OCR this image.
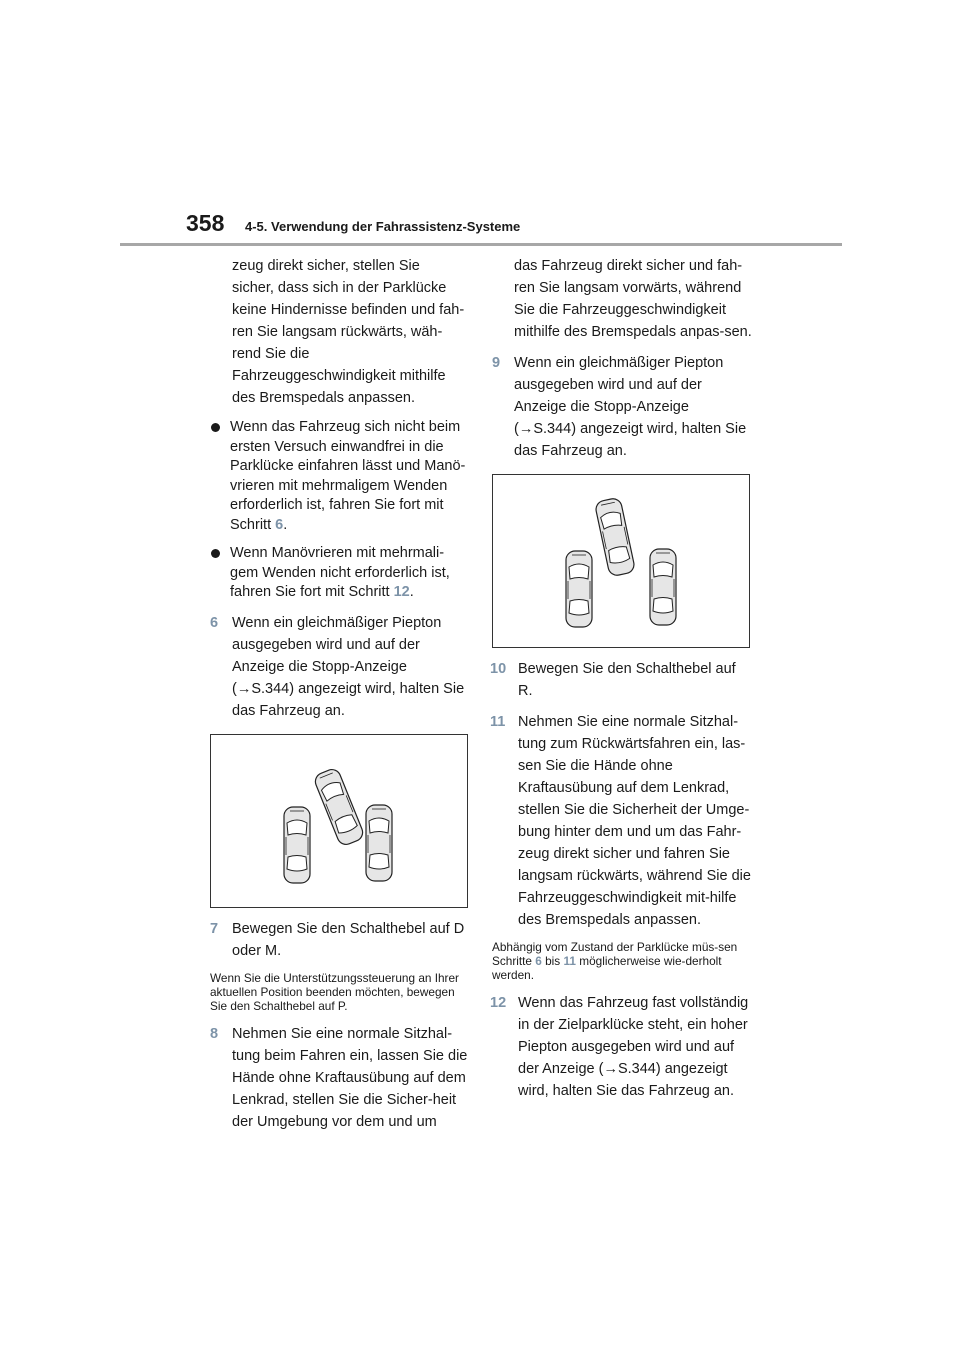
358 4-5. Verwendung der Fahrassistenz-Systeme
zeug direkt sicher, stellen Sie
sicher, dass sich in der Parklücke
keine Hindernisse befinden und fah-
ren Sie langsam rückwärts, wäh-
rend Sie die
Fahrzeuggeschwindigkeit mithilfe
des Bremspedals anpassen.
Wenn das Fahrzeug sich nicht beim ersten Versuch einwandfrei in die Parklücke einfahren lässt und Manö-vrieren mit mehrmaligem Wenden erforderlich ist, fahren Sie fort mit Schritt 6.
Wenn Manövrieren mit mehrmali-gem Wenden nicht erforderlich ist, fahren Sie fort mit Schritt 12.
6 Wenn ein gleichmäßiger Piepton ausgegeben wird und auf der Anzeige die Stopp-Anzeige (→S.344) angezeigt wird, halten Sie das Fahrzeug an.
7 Bewegen Sie den Schalthebel auf D oder M.
Wenn Sie die Unterstützungssteuerung an Ihrer aktuellen Position beenden möchten, bewegen Sie den Schalthebel auf P.
8 Nehmen Sie eine normale Sitzhal-tung beim Fahren ein, lassen Sie die Hände ohne Kraftausübung auf dem Lenkrad, stellen Sie die Sicher-heit der Umgebung vor dem und um
das Fahrzeug direkt sicher und fah-ren Sie langsam vorwärts, während Sie die Fahrzeuggeschwindigkeit mithilfe des Bremspedals anpas-sen.
9 Wenn ein gleichmäßiger Piepton ausgegeben wird und auf der Anzeige die Stopp-Anzeige (→S.344) angezeigt wird, halten Sie das Fahrzeug an.
10 Bewegen Sie den Schalthebel auf R.
11 Nehmen Sie eine normale Sitzhal-tung zum Rückwärtsfahren ein, las-sen Sie die Hände ohne Kraftausübung auf dem Lenkrad, stellen Sie die Sicherheit der Umge-bung hinter dem und um das Fahr-zeug direkt sicher und fahren Sie langsam rückwärts, während Sie die Fahrzeuggeschwindigkeit mit-hilfe des Bremspedals anpassen.
Abhängig vom Zustand der Parklücke müs-sen Schritte 6 bis 11 möglicherweise wie-derholt werden.
12 Wenn das Fahrzeug fast vollständig in der Zielparklücke steht, ein hoher Piepton ausgegeben wird und auf der Anzeige (→S.344) angezeigt wird, halten Sie das Fahrzeug an.
